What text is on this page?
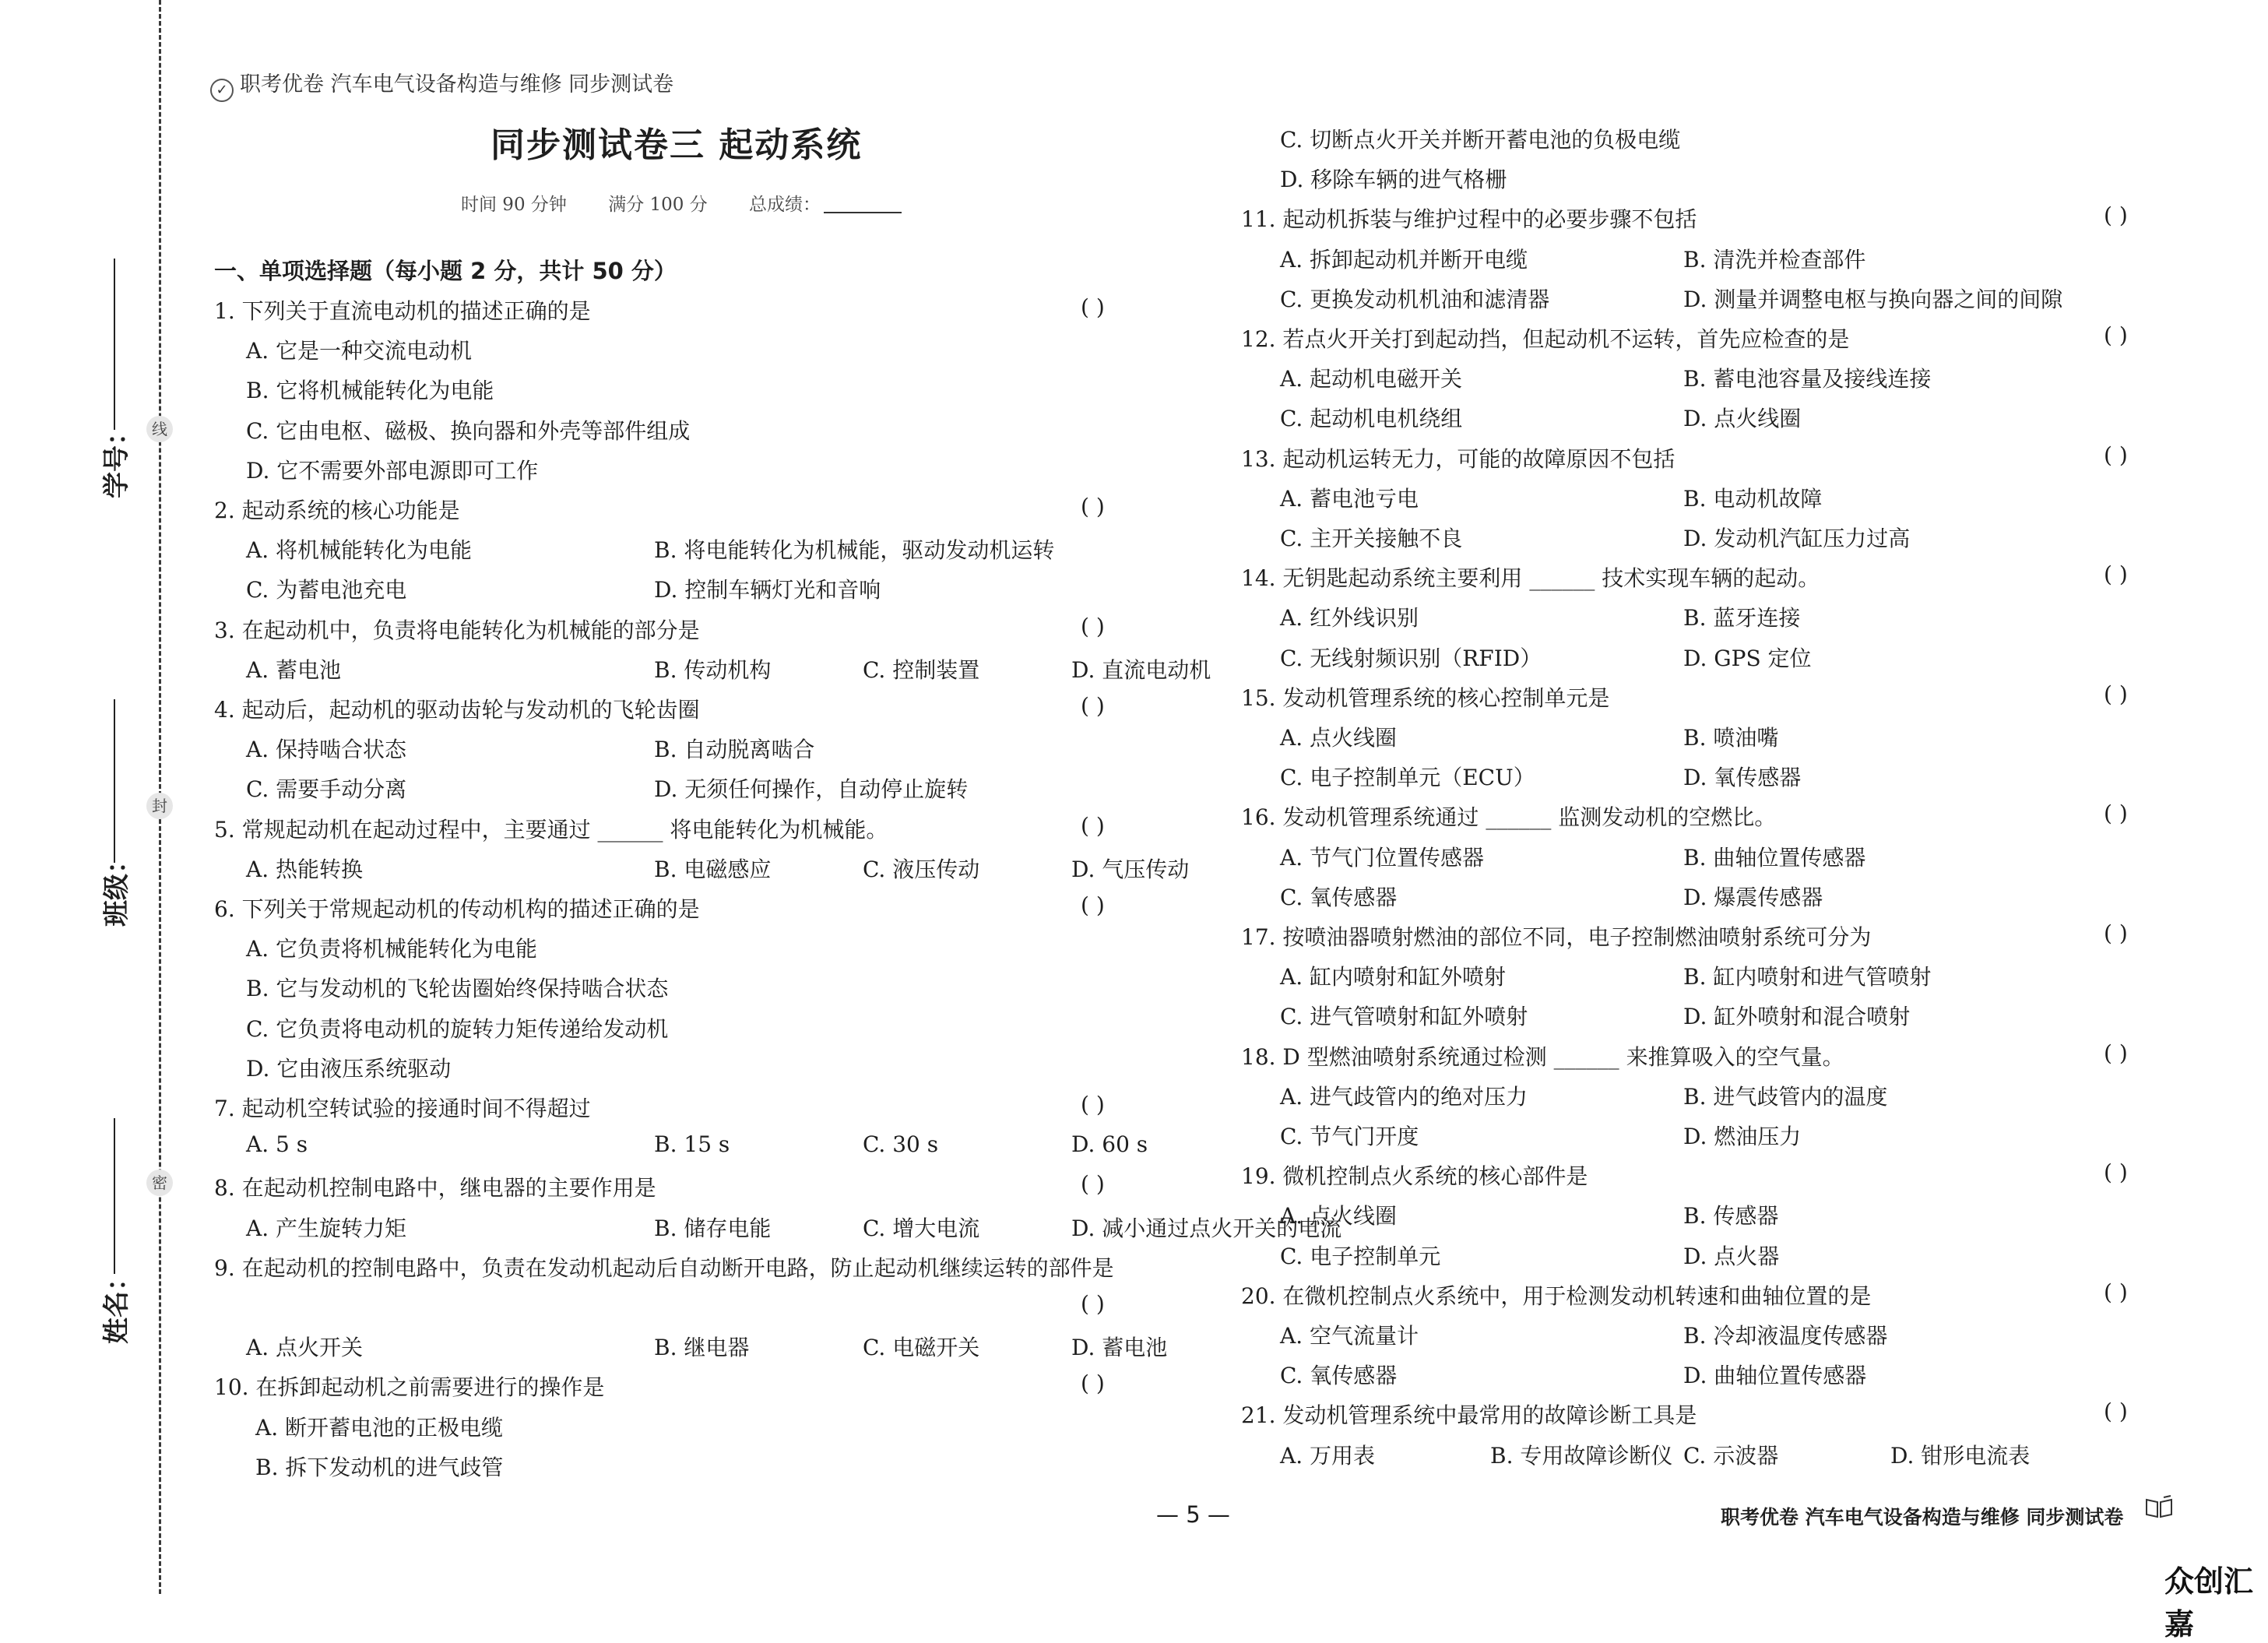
线
封
密
学号：
班级：
姓名：
✓ 职考优卷 汽车电气设备构造与维修 同步测试卷
同步测试卷三 起动系统
时间 90 分钟 满分 100 分 总成绩：
一、单项选择题（每小题 2 分，共计 50 分）
1. 下列关于直流电动机的描述正确的是	( )
A. 它是一种交流电动机
B. 它将机械能转化为电能
C. 它由电枢、磁极、换向器和外壳等部件组成
D. 它不需要外部电源即可工作
2. 起动系统的核心功能是	( )
A. 将机械能转化为电能	B. 将电能转化为机械能，驱动发动机运转
C. 为蓄电池充电	D. 控制车辆灯光和音响
3. 在起动机中，负责将电能转化为机械能的部分是	( )
A. 蓄电池	B. 传动机构	C. 控制装置	D. 直流电动机
4. 起动后，起动机的驱动齿轮与发动机的飞轮齿圈	( )
A. 保持啮合状态	B. 自动脱离啮合
C. 需要手动分离	D. 无须任何操作，自动停止旋转
5. 常规起动机在起动过程中，主要通过 ______ 将电能转化为机械能。	( )
A. 热能转换	B. 电磁感应	C. 液压传动	D. 气压传动
6. 下列关于常规起动机的传动机构的描述正确的是	( )
A. 它负责将机械能转化为电能
B. 它与发动机的飞轮齿圈始终保持啮合状态
C. 它负责将电动机的旋转力矩传递给发动机
D. 它由液压系统驱动
7. 起动机空转试验的接通时间不得超过	( )
A. 5 s	B. 15 s	C. 30 s	D. 60 s
8. 在起动机控制电路中，继电器的主要作用是	( )
A. 产生旋转力矩	B. 储存电能	C. 增大电流	D. 减小通过点火开关的电流
9. 在起动机的控制电路中，负责在发动机起动后自动断开电路，防止起动机继续运转的部件是
( )
A. 点火开关	B. 继电器	C. 电磁开关	D. 蓄电池
10. 在拆卸起动机之前需要进行的操作是	( )
A. 断开蓄电池的正极电缆
B. 拆下发动机的进气歧管
C. 切断点火开关并断开蓄电池的负极电缆
D. 移除车辆的进气格栅
11. 起动机拆装与维护过程中的必要步骤不包括	( )
A. 拆卸起动机并断开电缆	B. 清洗并检查部件
C. 更换发动机机油和滤清器	D. 测量并调整电枢与换向器之间的间隙
12. 若点火开关打到起动挡，但起动机不运转，首先应检查的是	( )
A. 起动机电磁开关	B. 蓄电池容量及接线连接
C. 起动机电机绕组	D. 点火线圈
13. 起动机运转无力，可能的故障原因不包括	( )
A. 蓄电池亏电	B. 电动机故障
C. 主开关接触不良	D. 发动机汽缸压力过高
14. 无钥匙起动系统主要利用 ______ 技术实现车辆的起动。	( )
A. 红外线识别	B. 蓝牙连接
C. 无线射频识别（RFID）	D. GPS 定位
15. 发动机管理系统的核心控制单元是	( )
A. 点火线圈	B. 喷油嘴
C. 电子控制单元（ECU）	D. 氧传感器
16. 发动机管理系统通过 ______ 监测发动机的空燃比。	( )
A. 节气门位置传感器	B. 曲轴位置传感器
C. 氧传感器	D. 爆震传感器
17. 按喷油器喷射燃油的部位不同，电子控制燃油喷射系统可分为	( )
A. 缸内喷射和缸外喷射	B. 缸内喷射和进气管喷射
C. 进气管喷射和缸外喷射	D. 缸外喷射和混合喷射
18. D 型燃油喷射系统通过检测 ______ 来推算吸入的空气量。	( )
A. 进气歧管内的绝对压力	B. 进气歧管内的温度
C. 节气门开度	D. 燃油压力
19. 微机控制点火系统的核心部件是	( )
A. 点火线圈	B. 传感器
C. 电子控制单元	D. 点火器
20. 在微机控制点火系统中，用于检测发动机转速和曲轴位置的是	( )
A. 空气流量计	B. 冷却液温度传感器
C. 氧传感器	D. 曲轴位置传感器
21. 发动机管理系统中最常用的故障诊断工具是	( )
A. 万用表	B. 专用故障诊断仪 C. 示波器	D. 钳形电流表
— 5 —	职考优卷 汽车电气设备构造与维修 同步测试卷
众创汇嘉
